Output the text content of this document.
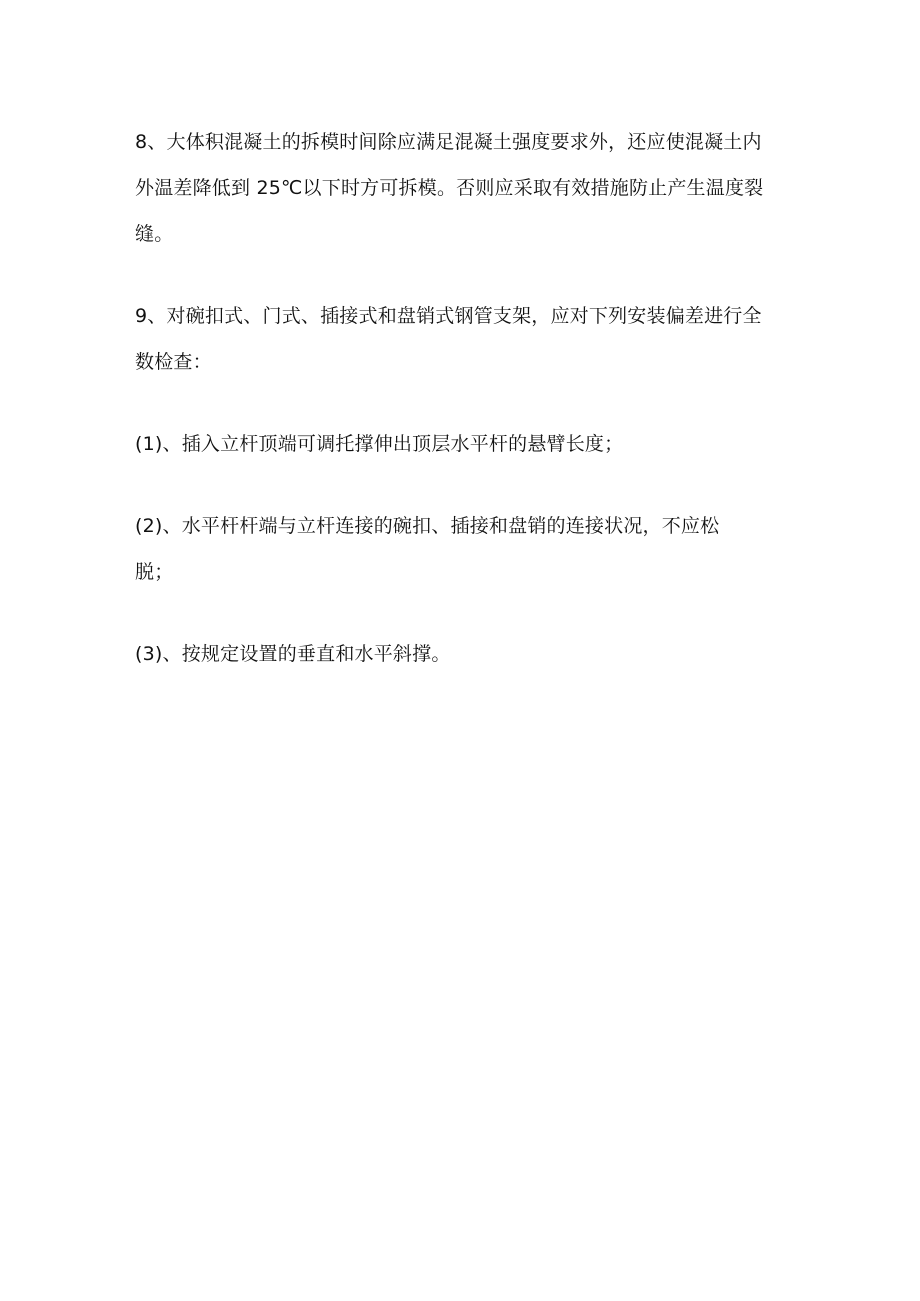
8、大体积混凝土的拆模时间除应满足混凝土强度要求外，还应使混凝土内
外温差降低到 25℃以下时方可拆模。否则应采取有效措施防止产生温度裂
缝。

9、对碗扣式、门式、插接式和盘销式钢管支架，应对下列安装偏差进行全
数检查：

(1)、插入立杆顶端可调托撑伸出顶层水平杆的悬臂长度；

(2)、水平杆杆端与立杆连接的碗扣、插接和盘销的连接状况，不应松
脱；

(3)、按规定设置的垂直和水平斜撑。
